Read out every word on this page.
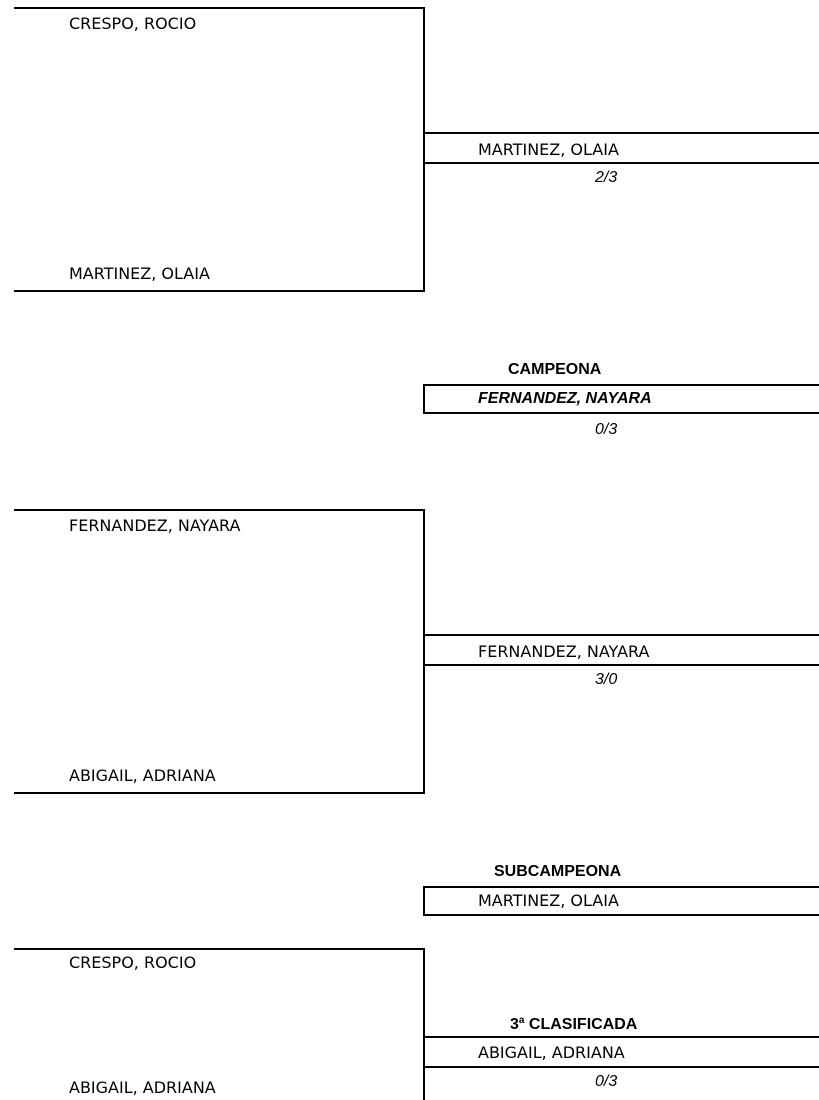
CRESPO, ROCIO
MARTINEZ, OLAIA
MARTINEZ, OLAIA
2/3
CAMPEONA
FERNANDEZ, NAYARA
0/3
FERNANDEZ, NAYARA
ABIGAIL, ADRIANA
FERNANDEZ, NAYARA
3/0
SUBCAMPEONA
MARTINEZ, OLAIA
CRESPO, ROCIO
ABIGAIL, ADRIANA
3$^a$ CLASIFICADA
ABIGAIL, ADRIANA
0/3
